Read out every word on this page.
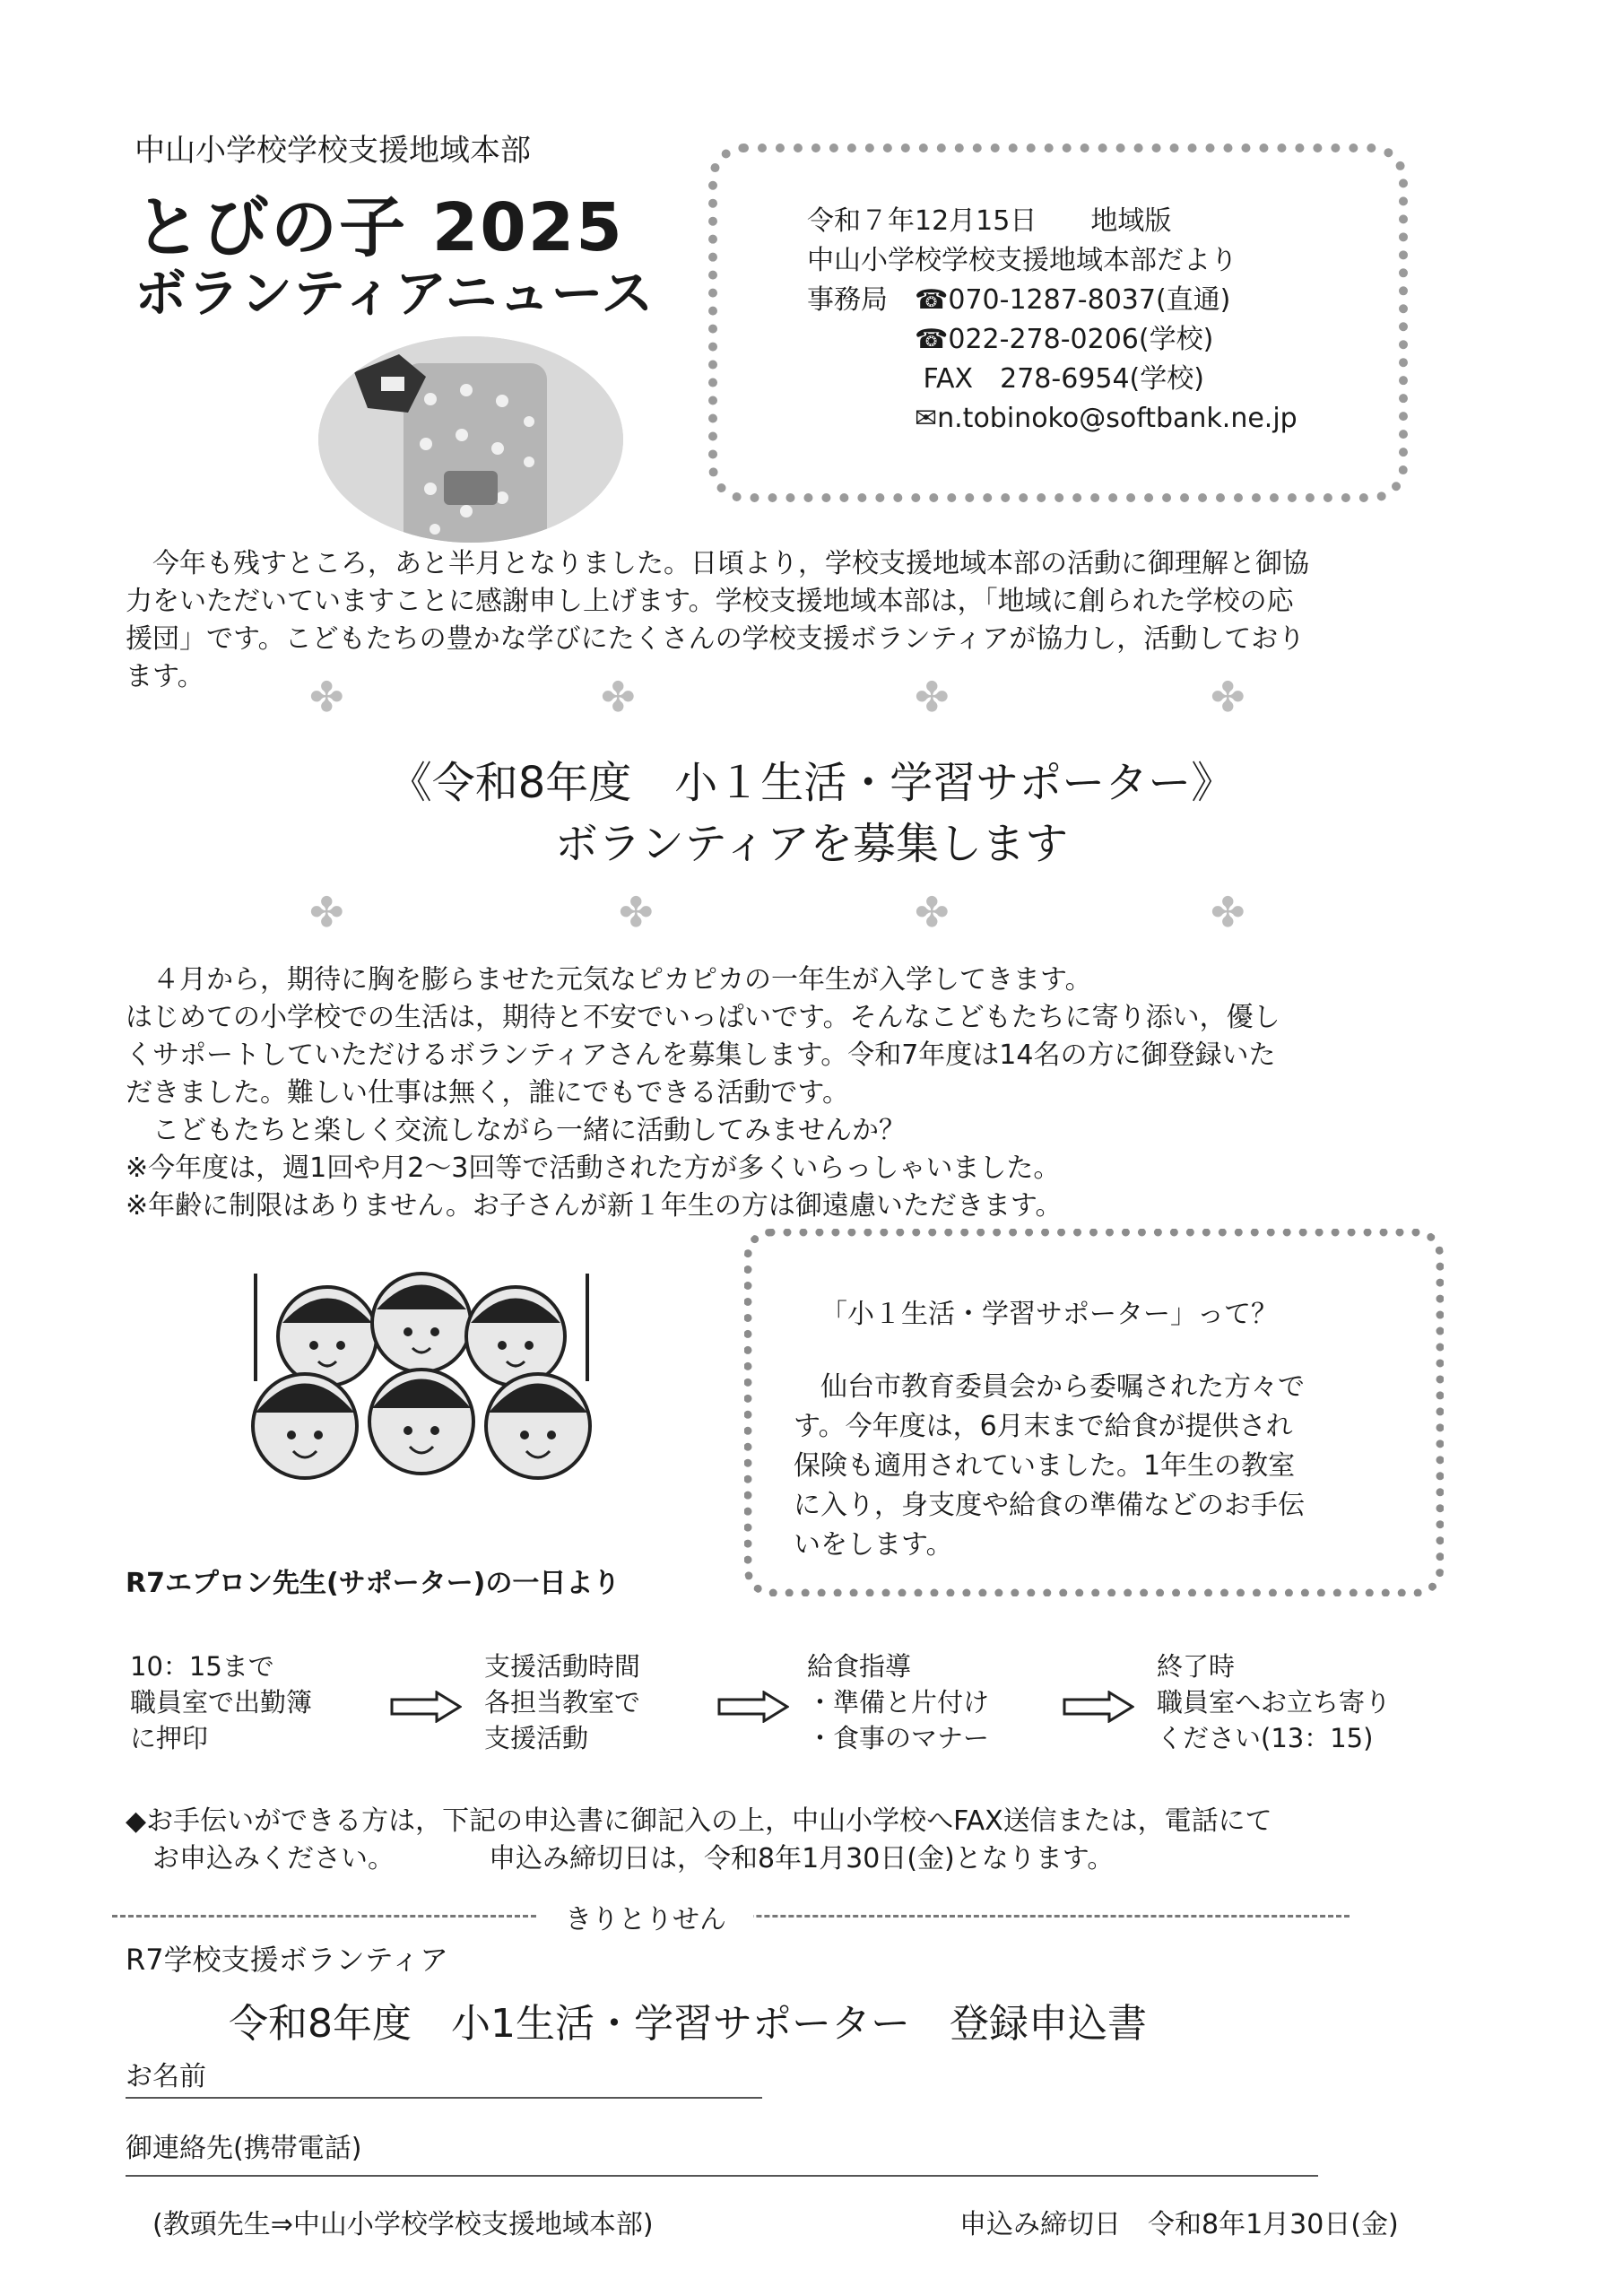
中山小学校学校支援地域本部
とびの子 2025
ボランティアニュース
令和７年12月15日　　地域版
中山小学校学校支援地域本部だより
事務局　☎070-1287-8037(直通)
　　　　☎022-278-0206(学校)
　　　　 FAX　278-6954(学校)
　　　　✉n.tobinoko@softbank.ne.jp

今年も残すところ，あと半月となりました。日頃より，学校支援地域本部の活動に御理解と御協

力をいただいていますことに感謝申し上げます。学校支援地域本部は，「地域に創られた学校の応

援団」です。こどもたちの豊かな学びにたくさんの学校支援ボランティアが協力し，活動しており

ます。	✤	✤	✤	✤
《令和8年度　小１生活・学習サポーター》
ボランティアを募集します
✤	✤	✤	✤

４月から，期待に胸を膨らませた元気なピカピカの一年生が入学してきます。

はじめての小学校での生活は，期待と不安でいっぱいです。そんなこどもたちに寄り添い，優し

くサポートしていただけるボランティアさんを募集します。令和7年度は14名の方に御登録いた

だきました。難しい仕事は無く，誰にでもできる活動です。

こどもたちと楽しく交流しながら一緒に活動してみませんか？

※今年度は，週1回や月2〜3回等で活動された方が多くいらっしゃいました。

※年齢に制限はありません。お子さんが新１年生の方は御遠慮いただきます。

R7エプロン先生(サポーター)の一日より
「小１生活・学習サポーター」って？

仙台市教育委員会から委嘱された方々で

す。今年度は，6月末まで給食が提供され

保険も適用されていました。1年生の教室

に入り，身支度や給食の準備などのお手伝

いをします。

10：15まで
職員室で出勤簿
に押印
支援活動時間
各担当教室で
支援活動
給食指導
・準備と片付け
・食事のマナー
終了時
職員室へお立ち寄り
ください(13：15)
◆お手伝いができる方は，下記の申込書に御記入の上，中山小学校へFAX送信または，電話にて
　お申込みください。　　　　申込み締切日は，令和8年1月30日(金)となります。
きりとりせん
R7学校支援ボランティア
令和8年度　小1生活・学習サポーター　登録申込書
お名前
御連絡先(携帯電話)
(教頭先生⇒中山小学校学校支援地域本部)	申込み締切日　令和8年1月30日(金)
